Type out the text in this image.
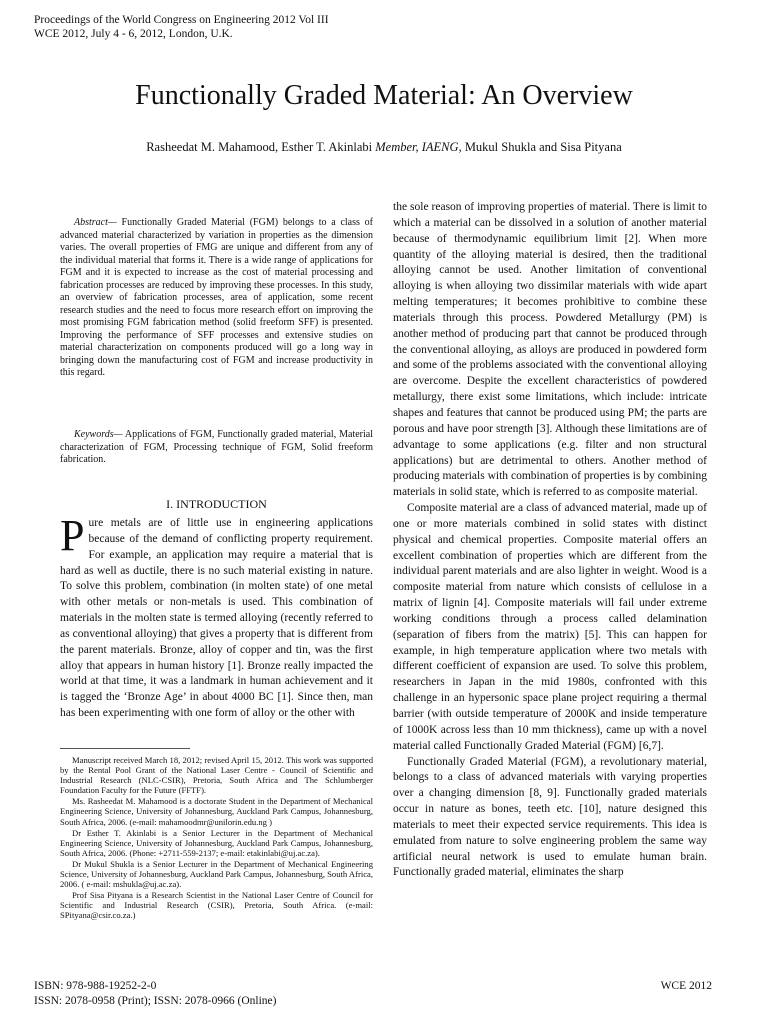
Proceedings of the World Congress on Engineering 2012 Vol III
WCE 2012, July 4 - 6, 2012, London, U.K.
Functionally Graded Material: An Overview
Rasheedat M. Mahamood, Esther T. Akinlabi Member, IAENG, Mukul Shukla and Sisa Pityana

Abstract— Functionally Graded Material (FGM) belongs to a class of advanced material characterized by variation in properties as the dimension varies. The overall properties of FMG are unique and different from any of the individual material that forms it. There is a wide range of applications for FGM and it is expected to increase as the cost of material processing and fabrication processes are reduced by improving these processes. In this study, an overview of fabrication processes, area of application, some recent research studies and the need to focus more research effort on improving the most promising FGM fabrication method (solid freeform SFF) is presented. Improving the performance of SFF processes and extensive studies on material characterization on components produced will go a long way in bringing down the manufacturing cost of FGM and increase productivity in this regard.

Keywords— Applications of FGM, Functionally graded material, Material characterization of FGM, Processing technique of FGM, Solid freeform fabrication.

I. INTRODUCTION

Pure metals are of little use in engineering applications because of the demand of conflicting property requirement. For example, an application may require a material that is hard as well as ductile, there is no such material existing in nature. To solve this problem, combination (in molten state) of one metal with other metals or non-metals is used. This combination of materials in the molten state is termed alloying (recently referred to as conventional alloying) that gives a property that is different from the parent materials. Bronze, alloy of copper and tin, was the first alloy that appears in human history [1]. Bronze really impacted the world at that time, it was a landmark in human achievement and it is tagged the ‘Bronze Age’ in about 4000 BC [1]. Since then, man has been experimenting with one form of alloy or the other with

Manuscript received March 18, 2012; revised April 15, 2012. This work was supported by the Rental Pool Grant of the National Laser Centre - Council of Scientific and Industrial Research (NLC-CSIR), Pretoria, South Africa and The Schlumberger Foundation Faculty for the Future (FFTF).

Ms. Rasheedat M. Mahamood is a doctorate Student in the Department of Mechanical Engineering Science, University of Johannesburg, Auckland Park Campus, Johannesburg, South Africa, 2006. (e-mail: mahamoodmr@unilorin.edu.ng )

Dr Esther T. Akinlabi is a Senior Lecturer in the Department of Mechanical Engineering Science, University of Johannesburg, Auckland Park Campus, Johannesburg, South Africa, 2006. (Phone: +2711-559-2137; e-mail: etakinlabi@uj.ac.za).

Dr Mukul Shukla is a Senior Lecturer in the Department of Mechanical Engineering Science, University of Johannesburg, Auckland Park Campus, Johannesburg, South Africa, 2006. ( e-mail: mshukla@uj.ac.za).

Prof Sisa Pityana is a Research Scientist in the National Laser Centre of Council for Scientific and Industrial Research (CSIR), Pretoria, South Africa. (e-mail: SPityana@csir.co.za.)

the sole reason of improving properties of material. There is limit to which a material can be dissolved in a solution of another material because of thermodynamic equilibrium limit [2]. When more quantity of the alloying material is desired, then the traditional alloying cannot be used. Another limitation of conventional alloying is when alloying two dissimilar materials with wide apart melting temperatures; it becomes prohibitive to combine these materials through this process. Powdered Metallurgy (PM) is another method of producing part that cannot be produced through the conventional alloying, as alloys are produced in powdered form and some of the problems associated with the conventional alloying are overcome. Despite the excellent characteristics of powdered metallurgy, there exist some limitations, which include: intricate shapes and features that cannot be produced using PM; the parts are porous and have poor strength [3]. Although these limitations are of advantage to some applications (e.g. filter and non structural applications) but are detrimental to others. Another method of producing materials with combination of properties is by combining materials in solid state, which is referred to as composite material.

Composite material are a class of advanced material, made up of one or more materials combined in solid states with distinct physical and chemical properties. Composite material offers an excellent combination of properties which are different from the individual parent materials and are also lighter in weight. Wood is a composite material from nature which consists of cellulose in a matrix of lignin [4]. Composite materials will fail under extreme working conditions through a process called delamination (separation of fibers from the matrix) [5]. This can happen for example, in high temperature application where two metals with different coefficient of expansion are used. To solve this problem, researchers in Japan in the mid 1980s, confronted with this challenge in an hypersonic space plane project requiring a thermal barrier (with outside temperature of 2000K and inside temperature of 1000K across less than 10 mm thickness), came up with a novel material called Functionally Graded Material (FGM) [6,7].

Functionally Graded Material (FGM), a revolutionary material, belongs to a class of advanced materials with varying properties over a changing dimension [8, 9]. Functionally graded materials occur in nature as bones, teeth etc. [10], nature designed this materials to meet their expected service requirements. This idea is emulated from nature to solve engineering problem the same way artificial neural network is used to emulate human brain. Functionally graded material, eliminates the sharp

ISBN: 978-988-19252-2-0
ISSN: 2078-0958 (Print); ISSN: 2078-0966 (Online)
WCE 2012
